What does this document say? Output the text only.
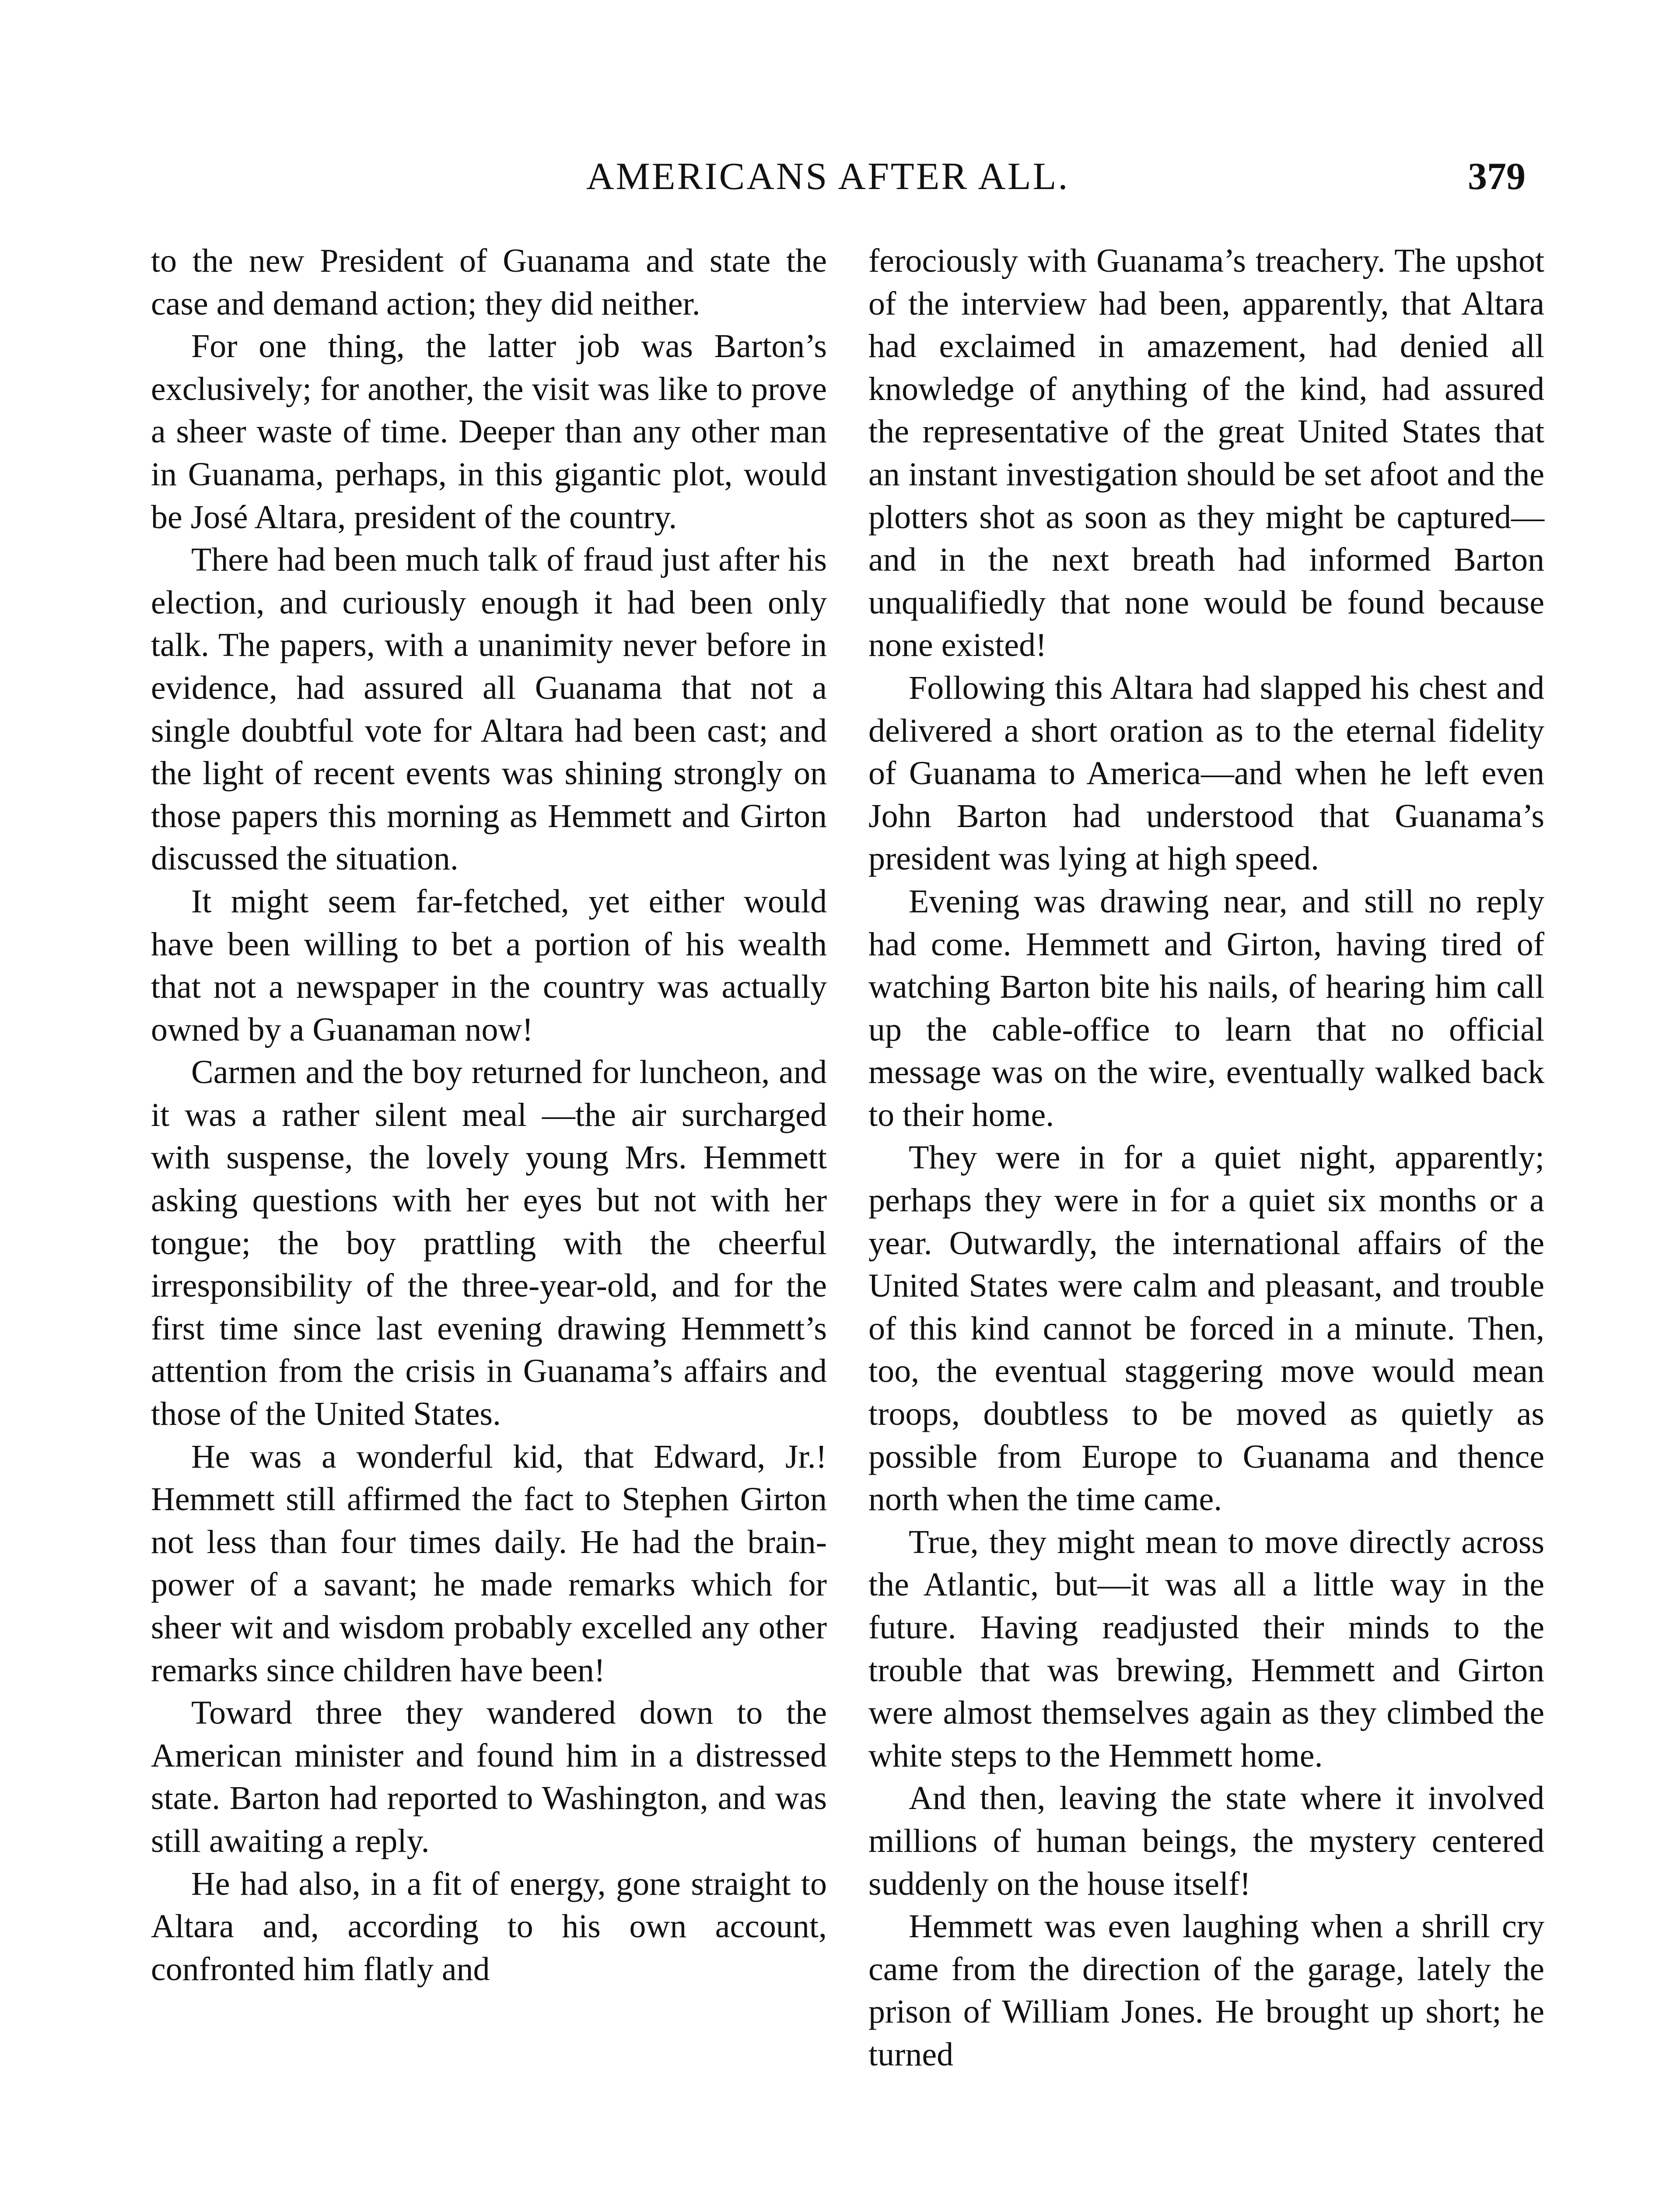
AMERICANS AFTER ALL.	379

to the new President of Guanama and state the case and demand action; they did neither.

For one thing, the latter job was Barton’s exclusively; for another, the visit was like to prove a sheer waste of time. Deeper than any other man in Guanama, perhaps, in this gigantic plot, would be José Altara, president of the country.

There had been much talk of fraud just after his election, and curiously enough it had been only talk. The papers, with a unanimity never before in evidence, had assured all Guanama that not a single doubtful vote for Altara had been cast; and the light of recent events was shining strongly on those papers this morning as Hemmett and Girton discussed the situation.

It might seem far-fetched, yet either would have been willing to bet a portion of his wealth that not a newspaper in the country was actually owned by a Guanaman now!

Carmen and the boy returned for luncheon, and it was a rather silent meal —the air surcharged with suspense, the lovely young Mrs. Hemmett asking questions with her eyes but not with her tongue; the boy prattling with the cheerful irresponsibility of the three-year-old, and for the first time since last evening drawing Hemmett’s attention from the crisis in Guanama’s affairs and those of the United States.

He was a wonderful kid, that Edward, Jr.! Hemmett still affirmed the fact to Stephen Girton not less than four times daily. He had the brain-power of a savant; he made remarks which for sheer wit and wisdom probably excelled any other remarks since children have been!

Toward three they wandered down to the American minister and found him in a distressed state. Barton had reported to Washington, and was still awaiting a reply.

He had also, in a fit of energy, gone straight to Altara and, according to his own account, confronted him flatly and

ferociously with Guanama’s treachery. The upshot of the interview had been, apparently, that Altara had exclaimed in amazement, had denied all knowledge of anything of the kind, had assured the representative of the great United States that an instant investigation should be set afoot and the plotters shot as soon as they might be captured—and in the next breath had informed Barton unqualifiedly that none would be found because none existed!

Following this Altara had slapped his chest and delivered a short oration as to the eternal fidelity of Guanama to America—and when he left even John Barton had understood that Guanama’s president was lying at high speed.

Evening was drawing near, and still no reply had come. Hemmett and Girton, having tired of watching Barton bite his nails, of hearing him call up the cable-office to learn that no official message was on the wire, eventually walked back to their home.

They were in for a quiet night, apparently; perhaps they were in for a quiet six months or a year. Outwardly, the international affairs of the United States were calm and pleasant, and trouble of this kind cannot be forced in a minute. Then, too, the eventual staggering move would mean troops, doubtless to be moved as quietly as possible from Europe to Guanama and thence north when the time came.

True, they might mean to move directly across the Atlantic, but—it was all a little way in the future. Having readjusted their minds to the trouble that was brewing, Hemmett and Girton were almost themselves again as they climbed the white steps to the Hemmett home.

And then, leaving the state where it involved millions of human beings, the mystery centered suddenly on the house itself!

Hemmett was even laughing when a shrill cry came from the direction of the garage, lately the prison of William Jones. He brought up short; he turned
